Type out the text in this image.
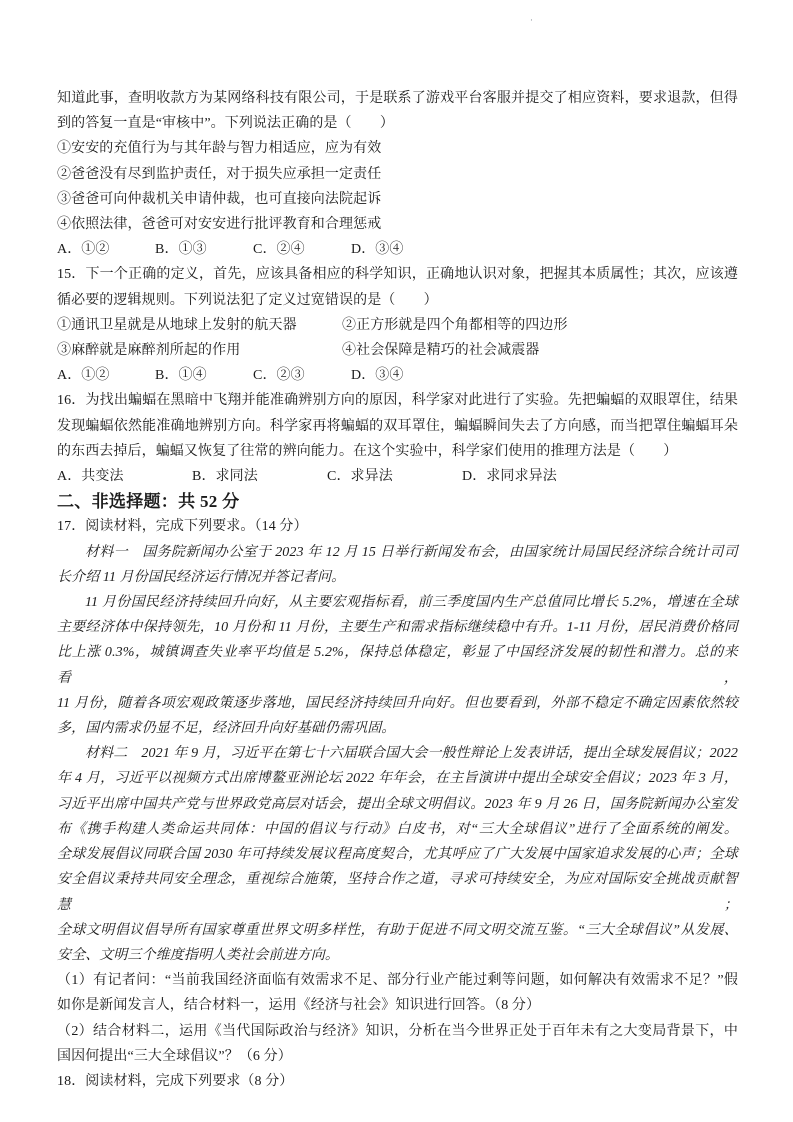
·
知道此事，查明收款方为某网络科技有限公司，于是联系了游戏平台客服并提交了相应资料，要求退款，但得
到的答复一直是“审核中”。下列说法正确的是（　　）
①安安的充值行为与其年龄与智力相适应，应为有效
②爸爸没有尽到监护责任，对于损失应承担一定责任
③爸爸可向仲裁机关申请仲裁，也可直接向法院起诉
④依照法律，爸爸可对安安进行批评教育和合理惩戒
A．①②	B．①③	C．②④	D．③④
15．下一个正确的定义，首先，应该具备相应的科学知识，正确地认识对象，把握其本质属性；其次，应该遵
循必要的逻辑规则。下列说法犯了定义过宽错误的是（　　）
①通讯卫星就是从地球上发射的航天器	②正方形就是四个角都相等的四边形
③麻醉就是麻醉剂所起的作用	④社会保障是精巧的社会减震器
A．①②	B．①④	C．②③	D．③④
16．为找出蝙蝠在黑暗中飞翔并能准确辨别方向的原因，科学家对此进行了实验。先把蝙蝠的双眼罩住，结果
发现蝙蝠依然能准确地辨别方向。科学家再将蝙蝠的双耳罩住，蝙蝠瞬间失去了方向感，而当把罩住蝙蝠耳朵
的东西去掉后，蝙蝠又恢复了往常的辨向能力。在这个实验中，科学家们使用的推理方法是（　　）
A．共变法	B．求同法	C．求异法	D．求同求异法
二、非选择题：共 52 分
17．阅读材料，完成下列要求。（14 分）
材料一　国务院新闻办公室于 2023 年 12 月 15 日举行新闻发布会，由国家统计局国民经济综合统计司司
长介绍 11 月份国民经济运行情况并答记者问。
11 月份国民经济持续回升向好，从主要宏观指标看，前三季度国内生产总值同比增长 5.2%，增速在全球
主要经济体中保持领先，10 月份和 11 月份，主要生产和需求指标继续稳中有升。1-11 月份，居民消费价格同
比上涨 0.3%，城镇调查失业率平均值是 5.2%，保持总体稳定，彰显了中国经济发展的韧性和潜力。总的来看，
11 月份，随着各项宏观政策逐步落地，国民经济持续回升向好。但也要看到，外部不稳定不确定因素依然较
多，国内需求仍显不足，经济回升向好基础仍需巩固。
材料二　2021 年 9 月，习近平在第七十六届联合国大会一般性辩论上发表讲话，提出全球发展倡议；2022
年 4 月，习近平以视频方式出席博鳌亚洲论坛 2022 年年会，在主旨演讲中提出全球安全倡议；2023 年 3 月，
习近平出席中国共产党与世界政党高层对话会，提出全球文明倡议。2023 年 9 月 26 日，国务院新闻办公室发
布《携手构建人类命运共同体：中国的倡议与行动》白皮书，对“三大全球倡议”进行了全面系统的阐发。
全球发展倡议同联合国 2030 年可持续发展议程高度契合，尤其呼应了广大发展中国家追求发展的心声；全球
安全倡议秉持共同安全理念，重视综合施策，坚持合作之道，寻求可持续安全，为应对国际安全挑战贡献智慧；
全球文明倡议倡导所有国家尊重世界文明多样性，有助于促进不同文明交流互鉴。“三大全球倡议”从发展、
安全、文明三个维度指明人类社会前进方向。
（1）有记者问：“当前我国经济面临有效需求不足、部分行业产能过剩等问题，如何解决有效需求不足？”假
如你是新闻发言人，结合材料一，运用《经济与社会》知识进行回答。（8 分）
（2）结合材料二，运用《当代国际政治与经济》知识，分析在当今世界正处于百年未有之大变局背景下，中
国因何提出“三大全球倡议”？（6 分）
18．阅读材料，完成下列要求（8 分）
